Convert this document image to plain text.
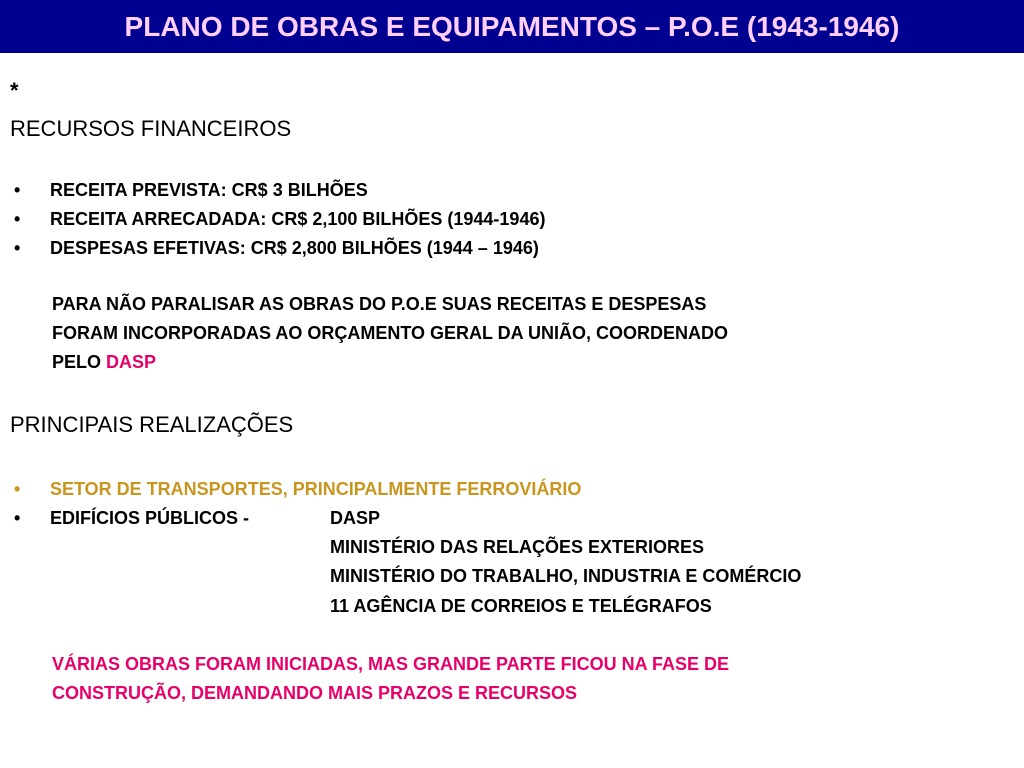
PLANO DE OBRAS E EQUIPAMENTOS – P.O.E (1943-1946)
*
RECURSOS FINANCEIROS
• RECEITA PREVISTA: CR$ 3 BILHÕES
• RECEITA ARRECADADA: CR$ 2,100 BILHÕES (1944-1946)
• DESPESAS EFETIVAS: CR$ 2,800 BILHÕES (1944 – 1946)
PARA NÃO PARALISAR AS OBRAS DO P.O.E SUAS RECEITAS E DESPESAS
FORAM INCORPORADAS AO ORÇAMENTO GERAL DA UNIÃO, COORDENADO
PELO DASP
PRINCIPAIS REALIZAÇÕES
• SETOR DE TRANSPORTES, PRINCIPALMENTE FERROVIÁRIO
• EDIFÍCIOS PÚBLICOS -	DASP
MINISTÉRIO DAS RELAÇÕES EXTERIORES
MINISTÉRIO DO TRABALHO, INDUSTRIA E COMÉRCIO
11 AGÊNCIA DE CORREIOS E TELÉGRAFOS
VÁRIAS OBRAS FORAM INICIADAS, MAS GRANDE PARTE FICOU NA FASE DE
CONSTRUÇÃO, DEMANDANDO MAIS PRAZOS E RECURSOS
